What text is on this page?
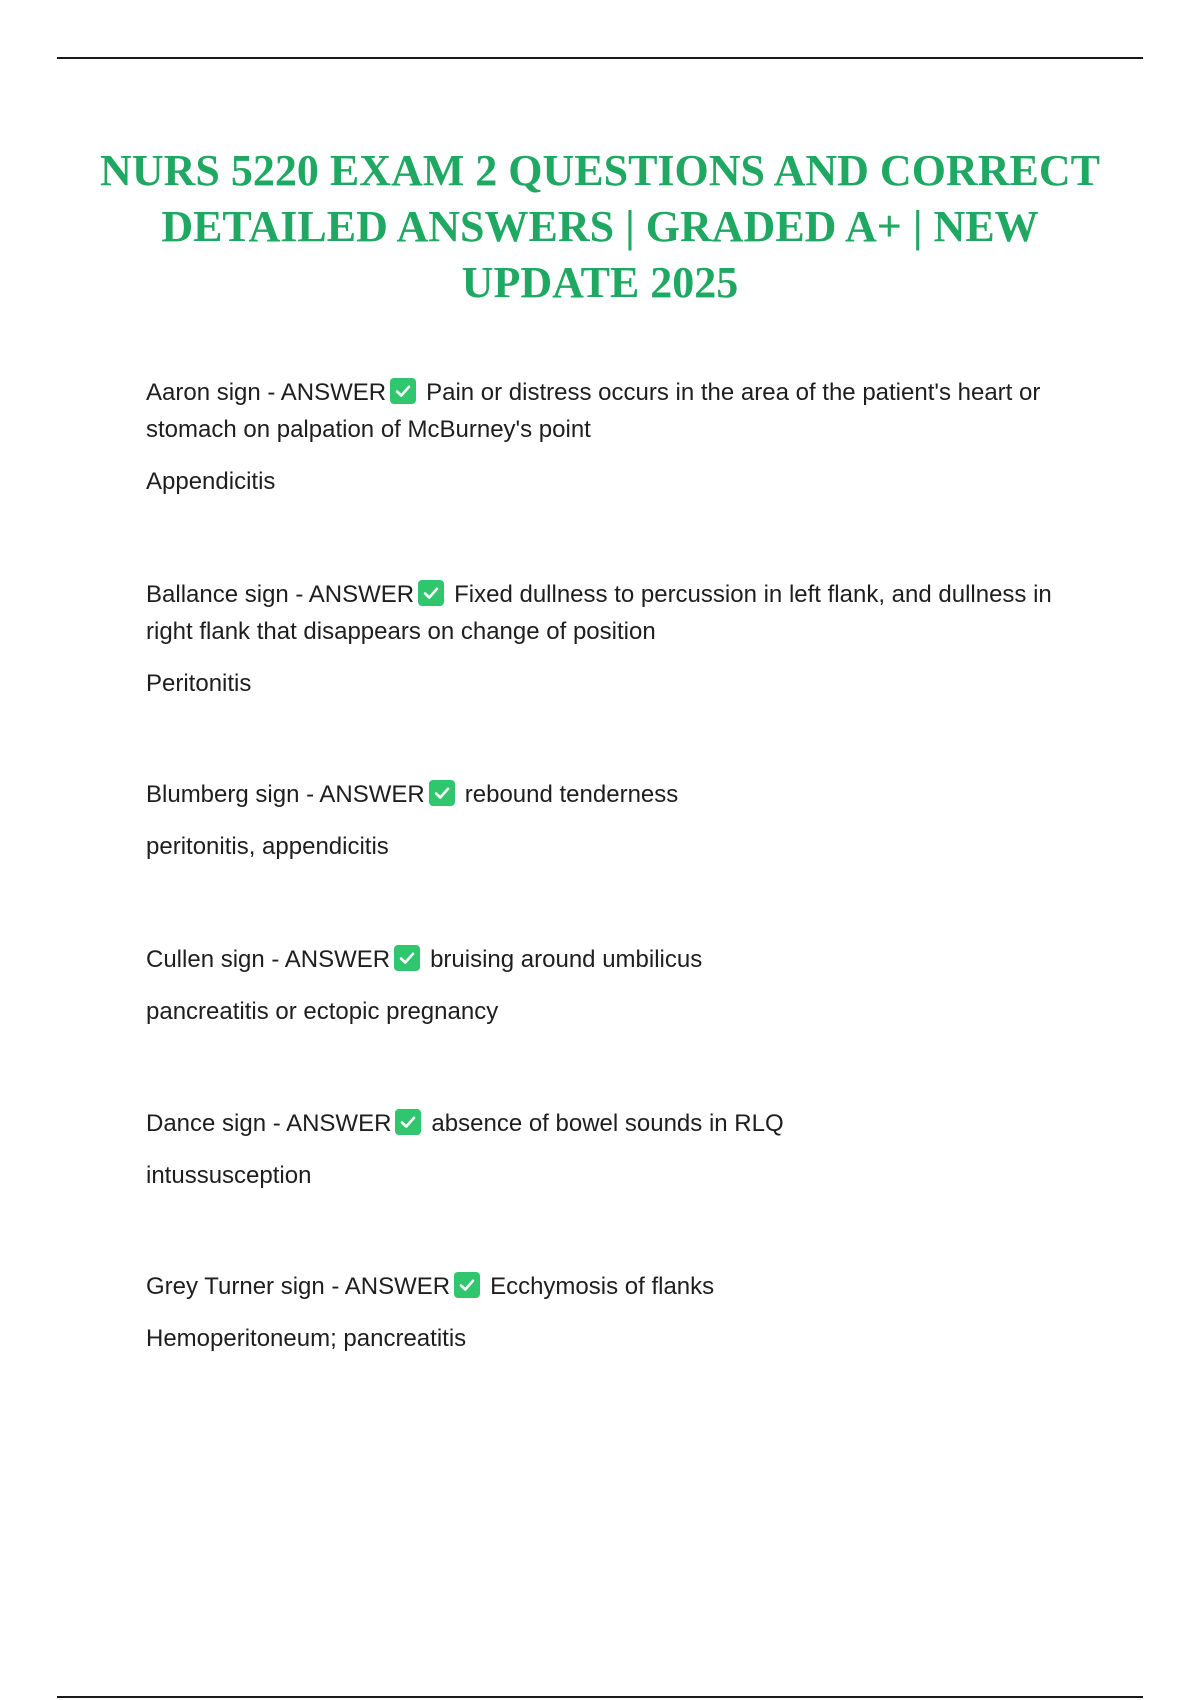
NURS 5220 EXAM 2 QUESTIONS AND CORRECT DETAILED ANSWERS | GRADED A+ | NEW UPDATE 2025

Aaron sign - ANSWER Pain or distress occurs in the area of the patient's heart or stomach on palpation of McBurney's point

Appendicitis

Ballance sign - ANSWER Fixed dullness to percussion in left flank, and dullness in right flank that disappears on change of position

Peritonitis

Blumberg sign - ANSWER rebound tenderness

peritonitis, appendicitis

Cullen sign - ANSWER bruising around umbilicus

pancreatitis or ectopic pregnancy

Dance sign - ANSWER absence of bowel sounds in RLQ

intussusception

Grey Turner sign - ANSWER Ecchymosis of flanks

Hemoperitoneum; pancreatitis
